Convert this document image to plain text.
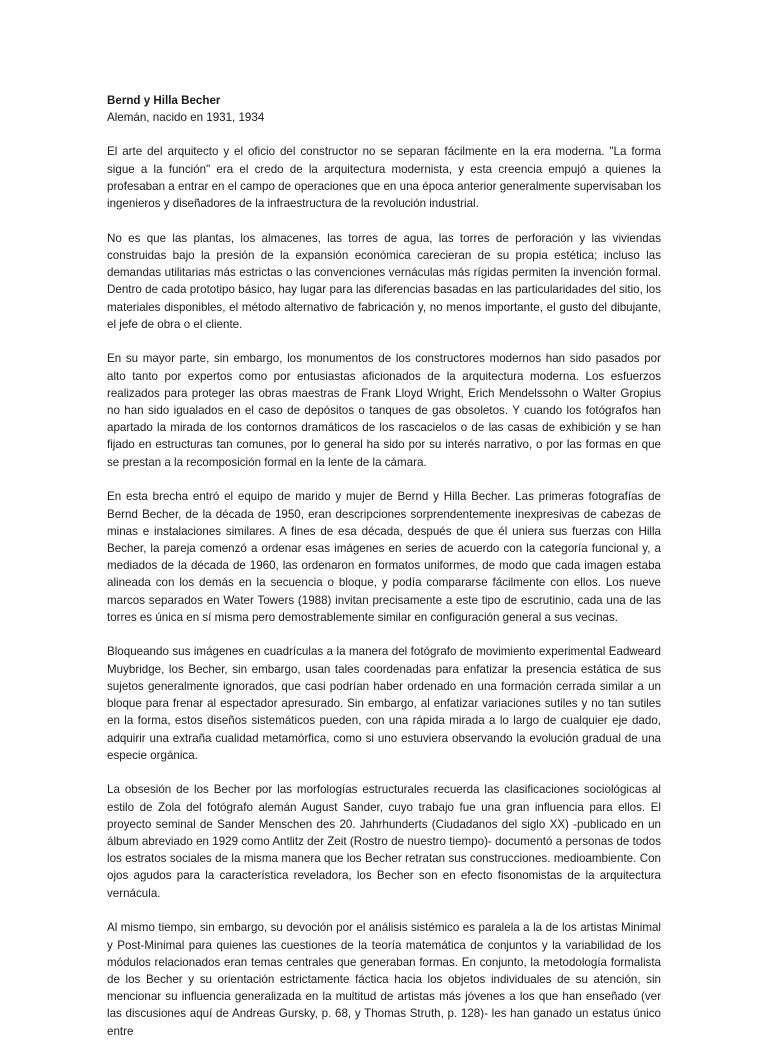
Bernd y Hilla Becher

Alemán, nacido en 1931, 1934

El arte del arquitecto y el oficio del constructor no se separan fácilmente en la era moderna. "La forma sigue a la función" era el credo de la arquitectura modernista, y esta creencia empujó a quienes la profesaban a entrar en el campo de operaciones que en una época anterior generalmente supervisaban los ingenieros y diseñadores de la infraestructura de la revolución industrial.

No es que las plantas, los almacenes, las torres de agua, las torres de perforación y las viviendas construidas bajo la presión de la expansión económica carecieran de su propia estética; incluso las demandas utilitarias más estrictas o las convenciones vernáculas más rígidas permiten la invención formal. Dentro de cada prototipo básico, hay lugar para las diferencias basadas en las particularidades del sitio, los materiales disponibles, el método alternativo de fabricación y, no menos importante, el gusto del dibujante, el jefe de obra o el cliente.

En su mayor parte, sin embargo, los monumentos de los constructores modernos han sido pasados por alto tanto por expertos como por entusiastas aficionados de la arquitectura moderna. Los esfuerzos realizados para proteger las obras maestras de Frank Lloyd Wright, Erich Mendelssohn o Walter Gropius no han sido igualados en el caso de depósitos o tanques de gas obsoletos. Y cuando los fotógrafos han apartado la mirada de los contornos dramáticos de los rascacielos o de las casas de exhibición y se han fijado en estructuras tan comunes, por lo general ha sido por su interés narrativo, o por las formas en que se prestan a la recomposición formal en la lente de la cámara.

En esta brecha entró el equipo de marido y mujer de Bernd y Hilla Becher. Las primeras fotografías de Bernd Becher, de la década de 1950, eran descripciones sorprendentemente inexpresivas de cabezas de minas e instalaciones similares. A fines de esa década, después de que él uniera sus fuerzas con Hilla Becher, la pareja comenzó a ordenar esas imágenes en series de acuerdo con la categoría funcional y, a mediados de la década de 1960, las ordenaron en formatos uniformes, de modo que cada imagen estaba alineada con los demás en la secuencia o bloque, y podía compararse fácilmente con ellos. Los nueve marcos separados en Water Towers (1988) invitan precisamente a este tipo de escrutinio, cada una de las torres es única en sí misma pero demostrablemente similar en configuración general a sus vecinas.

Bloqueando sus imágenes en cuadrículas a la manera del fotógrafo de movimiento experimental Eadweard Muybridge, los Becher, sin embargo, usan tales coordenadas para enfatizar la presencia estática de sus sujetos generalmente ignorados, que casi podrían haber ordenado en una formación cerrada similar a un bloque para frenar al espectador apresurado. Sin embargo, al enfatizar variaciones sutiles y no tan sutiles en la forma, estos diseños sistemáticos pueden, con una rápida mirada a lo largo de cualquier eje dado, adquirir una extraña cualidad metamórfica, como si uno estuviera observando la evolución gradual de una especie orgánica.

La obsesión de los Becher por las morfologías estructurales recuerda las clasificaciones sociológicas al estilo de Zola del fotógrafo alemán August Sander, cuyo trabajo fue una gran influencia para ellos. El proyecto seminal de Sander Menschen des 20. Jahrhunderts (Ciudadanos del siglo XX) -publicado en un álbum abreviado en 1929 como Antlitz der Zeit (Rostro de nuestro tiempo)- documentó a personas de todos los estratos sociales de la misma manera que los Becher retratan sus construcciones. medioambiente. Con ojos agudos para la característica reveladora, los Becher son en efecto fisonomistas de la arquitectura vernácula.

Al mismo tiempo, sin embargo, su devoción por el análisis sistémico es paralela a la de los artistas Minimal y Post-Minimal para quienes las cuestiones de la teoría matemática de conjuntos y la variabilidad de los módulos relacionados eran temas centrales que generaban formas. En conjunto, la metodología formalista de los Becher y su orientación estrictamente fáctica hacia los objetos individuales de su atención, sin mencionar su influencia generalizada en la multitud de artistas más jóvenes a los que han enseñado (ver las discusiones aquí de Andreas Gursky, p. 68, y Thomas Struth, p. 128)- les han ganado un estatus único entre
